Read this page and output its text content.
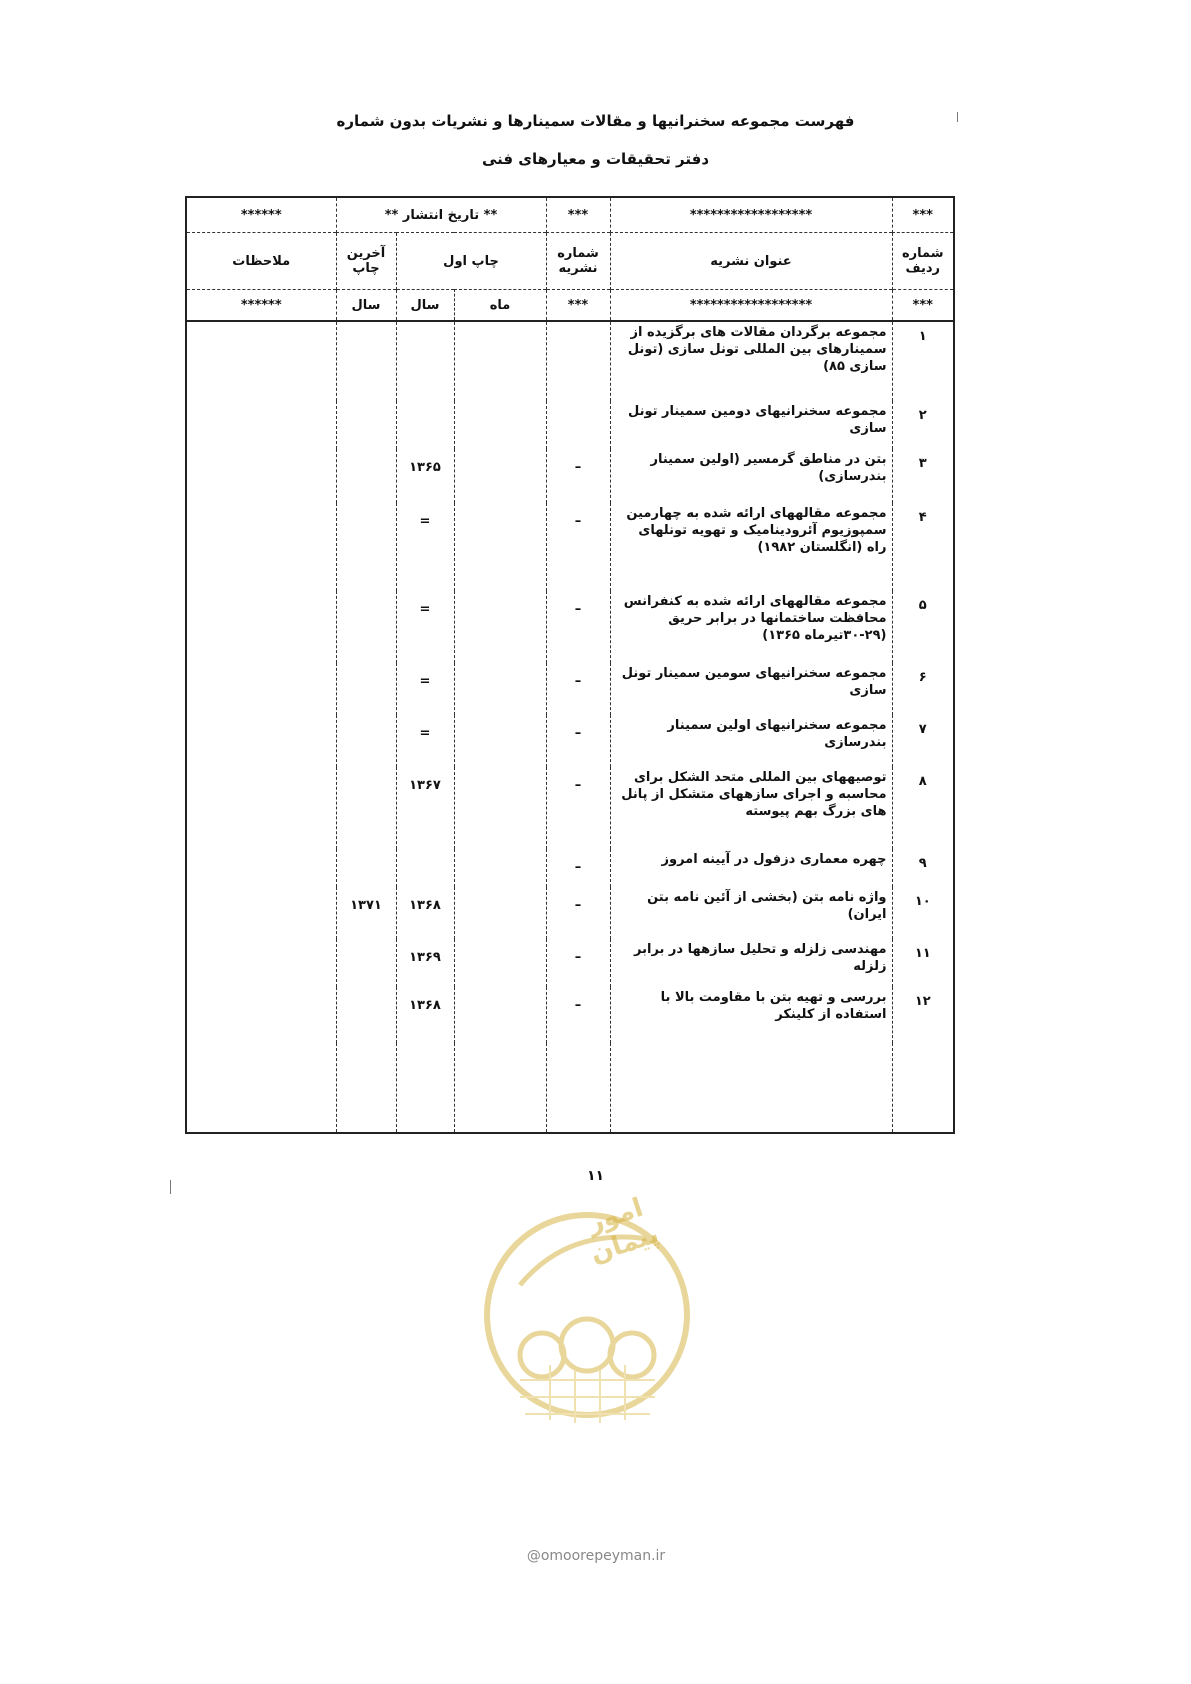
فهرست مجموعه سخنرانیها و مقالات سمینارها و نشریات بدون شماره
دفتر تحقیقات و معیارهای فنی
***	******************	***	** تاریخ انتشار **			******
شماره ردیف	عنوان نشریه	شماره نشریه	چاپ اول		آخرین چاپ	ملاحظات
***	******************	***	ماه	سال	سال	******
۱	مجموعه برگردان مقالات های برگزیده از سمینارهای بین المللی تونل سازی (تونل سازی ۸۵)					
۲	مجموعه سخنرانیهای دومین سمینار تونل سازی					
۳	بتن در مناطق گرمسیر (اولین سمینار بندرسازی)	–		۱۳۶۵		
۴	مجموعه مقالههای ارائه شده به چهارمین سمپوزیوم آئرودینامیک و تهویه تونلهای راه (انگلستان ۱۹۸۲)	–		=		
۵	مجموعه مقالههای ارائه شده به کنفرانس محافظت ساختمانها در برابر حریق (۲۹-۳۰تیرماه ۱۳۶۵)	–		=		
۶	مجموعه سخنرانیهای سومین سمینار تونل سازی	–		=		
۷	مجموعه سخنرانیهای اولین سمینار بندرسازی	–		=		
۸	توصیههای بین المللی متحد الشکل برای محاسبه و اجرای سازههای متشکل از پانل های بزرگ بهم پیوسته	–		۱۳۶۷		
۹	چهره معماری دزفول در آیینه امروز	–				
۱۰	واژه نامه بتن (بخشی از آئین نامه بتن ایران)	–		۱۳۶۸	۱۳۷۱	
۱۱	مهندسی زلزله و تحلیل سازهها در برابر زلزله	–		۱۳۶۹		
۱۲	بررسی و تهیه بتن با مقاومت بالا با استفاده از کلینکر	–		۱۳۶۸		

۱۱
امور پیمان
@omoorepeyman.ir
